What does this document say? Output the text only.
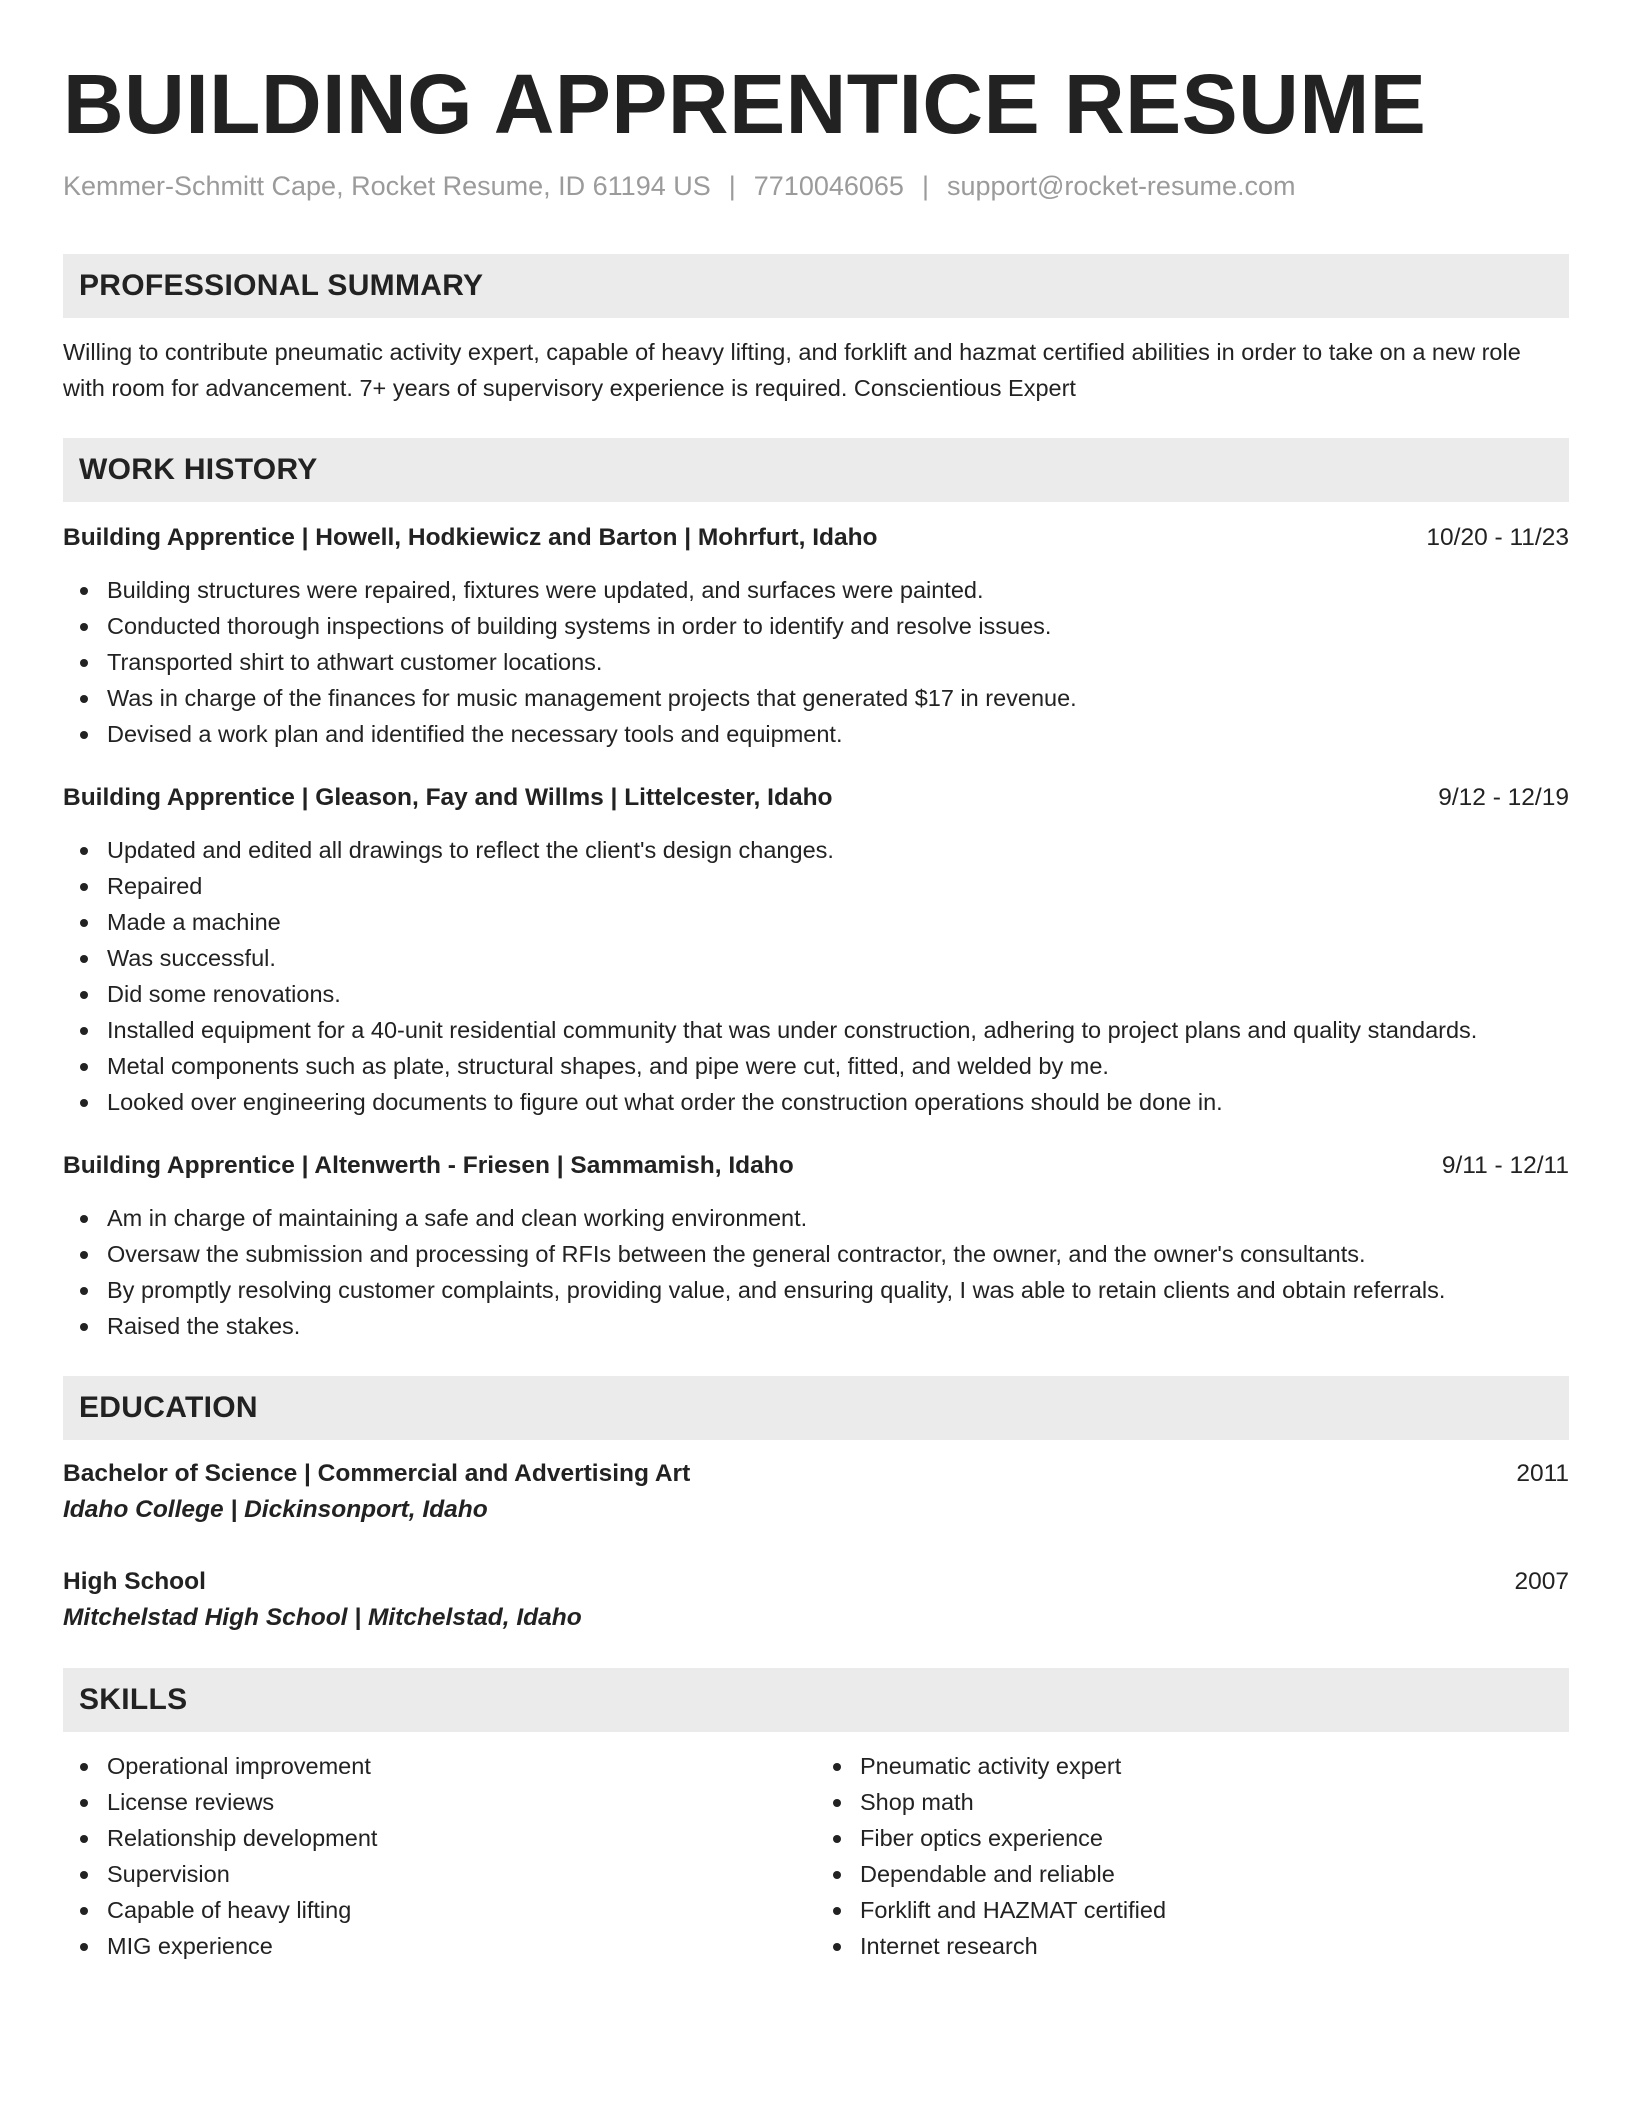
BUILDING APPRENTICE RESUME
Kemmer-Schmitt Cape, Rocket Resume, ID 61194 US | 7710046065 | support@rocket-resume.com
PROFESSIONAL SUMMARY

Willing to contribute pneumatic activity expert, capable of heavy lifting, and forklift and hazmat certified abilities in order to take on a new role with room for advancement. 7+ years of supervisory experience is required. Conscientious Expert

WORK HISTORY
Building Apprentice | Howell, Hodkiewicz and Barton | Mohrfurt, Idaho	10/20 - 11/23
Building structures were repaired, fixtures were updated, and surfaces were painted.
Conducted thorough inspections of building systems in order to identify and resolve issues.
Transported shirt to athwart customer locations.
Was in charge of the finances for music management projects that generated $17 in revenue.
Devised a work plan and identified the necessary tools and equipment.
Building Apprentice | Gleason, Fay and Willms | Littelcester, Idaho	9/12 - 12/19
Updated and edited all drawings to reflect the client's design changes.
Repaired
Made a machine
Was successful.
Did some renovations.
Installed equipment for a 40-unit residential community that was under construction, adhering to project plans and quality standards.
Metal components such as plate, structural shapes, and pipe were cut, fitted, and welded by me.
Looked over engineering documents to figure out what order the construction operations should be done in.
Building Apprentice | Altenwerth - Friesen | Sammamish, Idaho	9/11 - 12/11
Am in charge of maintaining a safe and clean working environment.
Oversaw the submission and processing of RFIs between the general contractor, the owner, and the owner's consultants.
By promptly resolving customer complaints, providing value, and ensuring quality, I was able to retain clients and obtain referrals.
Raised the stakes.
EDUCATION
Bachelor of Science | Commercial and Advertising Art	2011
Idaho College | Dickinsonport, Idaho
High School	2007
Mitchelstad High School | Mitchelstad, Idaho
SKILLS
Operational improvement
License reviews
Relationship development
Supervision
Capable of heavy lifting
MIG experience
Pneumatic activity expert
Shop math
Fiber optics experience
Dependable and reliable
Forklift and HAZMAT certified
Internet research
